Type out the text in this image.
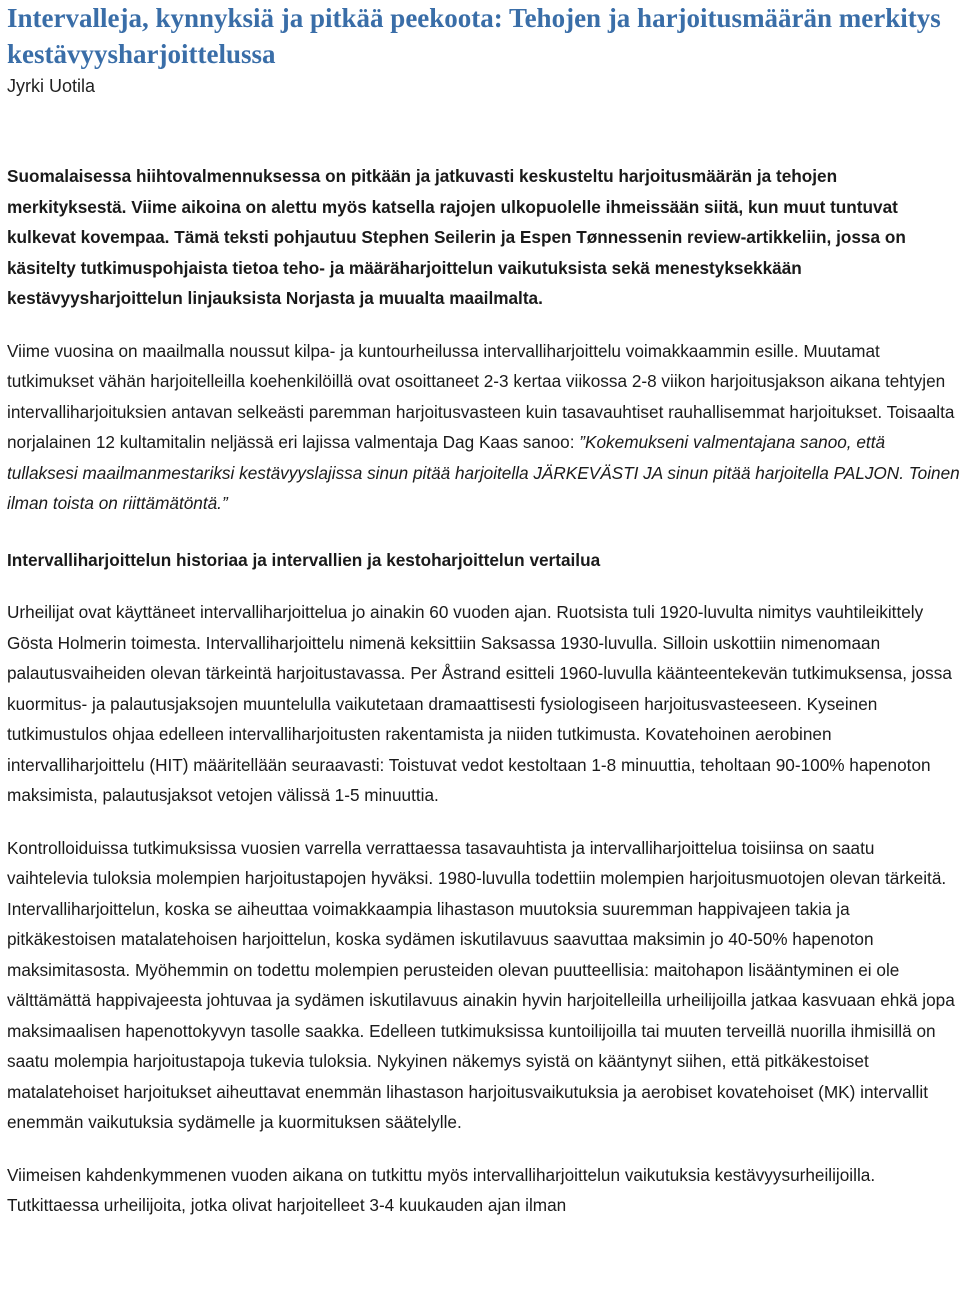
Intervalleja, kynnyksiä ja pitkää peekoota: Tehojen ja harjoitusmäärän merkitys kestävyysharjoittelussa
Jyrki Uotila

Suomalaisessa hiihtovalmennuksessa on pitkään ja jatkuvasti keskusteltu harjoitusmäärän ja tehojen merkityksestä. Viime aikoina on alettu myös katsella rajojen ulkopuolelle ihmeissään siitä, kun muut tuntuvat kulkevat kovempaa. Tämä teksti pohjautuu Stephen Seilerin ja Espen Tønnessenin review-artikkeliin, jossa on käsitelty tutkimuspohjaista tietoa teho- ja määräharjoittelun vaikutuksista sekä menestyksekkään kestävyysharjoittelun linjauksista Norjasta ja muualta maailmalta.

Viime vuosina on maailmalla noussut kilpa- ja kuntourheilussa intervalliharjoittelu voimakkaammin esille. Muutamat tutkimukset vähän harjoitelleilla koehenkilöillä ovat osoittaneet 2-3 kertaa viikossa 2-8 viikon harjoitusjakson aikana tehtyjen intervalliharjoituksien antavan selkeästi paremman harjoitusvasteen kuin tasavauhtiset rauhallisemmat harjoitukset. Toisaalta norjalainen 12 kultamitalin neljässä eri lajissa valmentaja Dag Kaas sanoo: ”Kokemukseni valmentajana sanoo, että tullaksesi maailmanmestariksi kestävyyslajissa sinun pitää harjoitella JÄRKEVÄSTI JA sinun pitää harjoitella PALJON. Toinen ilman toista on riittämätöntä.”

Intervalliharjoittelun historiaa ja intervallien ja kestoharjoittelun vertailua

Urheilijat ovat käyttäneet intervalliharjoittelua jo ainakin 60 vuoden ajan. Ruotsista tuli 1920-luvulta nimitys vauhtileikittely Gösta Holmerin toimesta. Intervalliharjoittelu nimenä keksittiin Saksassa 1930-luvulla. Silloin uskottiin nimenomaan palautusvaiheiden olevan tärkeintä harjoitustavassa. Per Åstrand esitteli 1960-luvulla käänteentekevän tutkimuksensa, jossa kuormitus- ja palautusjaksojen muuntelulla vaikutetaan dramaattisesti fysiologiseen harjoitusvasteeseen. Kyseinen tutkimustulos ohjaa edelleen intervalliharjoitusten rakentamista ja niiden tutkimusta. Kovatehoinen aerobinen intervalliharjoittelu (HIT) määritellään seuraavasti: Toistuvat vedot kestoltaan 1-8 minuuttia, teholtaan 90-100% hapenoton maksimista, palautusjaksot vetojen välissä 1-5 minuuttia.

Kontrolloiduissa tutkimuksissa vuosien varrella verrattaessa tasavauhtista ja intervalliharjoittelua toisiinsa on saatu vaihtelevia tuloksia molempien harjoitustapojen hyväksi. 1980-luvulla todettiin molempien harjoitusmuotojen olevan tärkeitä. Intervalliharjoittelun, koska se aiheuttaa voimakkaampia lihastason muutoksia suuremman happivajeen takia ja pitkäkestoisen matalatehoisen harjoittelun, koska sydämen iskutilavuus saavuttaa maksimin jo 40-50% hapenoton maksimitasosta. Myöhemmin on todettu molempien perusteiden olevan puutteellisia: maitohapon lisääntyminen ei ole välttämättä happivajeesta johtuvaa ja sydämen iskutilavuus ainakin hyvin harjoitelleilla urheilijoilla jatkaa kasvuaan ehkä jopa maksimaalisen hapenottokyvyn tasolle saakka. Edelleen tutkimuksissa kuntoilijoilla tai muuten terveillä nuorilla ihmisillä on saatu molempia harjoitustapoja tukevia tuloksia. Nykyinen näkemys syistä on kääntynyt siihen, että pitkäkestoiset matalatehoiset harjoitukset aiheuttavat enemmän lihastason harjoitusvaikutuksia ja aerobiset kovatehoiset (MK) intervallit enemmän vaikutuksia sydämelle ja kuormituksen säätelylle.

Viimeisen kahdenkymmenen vuoden aikana on tutkittu myös intervalliharjoittelun vaikutuksia kestävyysurheilijoilla. Tutkittaessa urheilijoita, jotka olivat harjoitelleet 3-4 kuukauden ajan ilman
